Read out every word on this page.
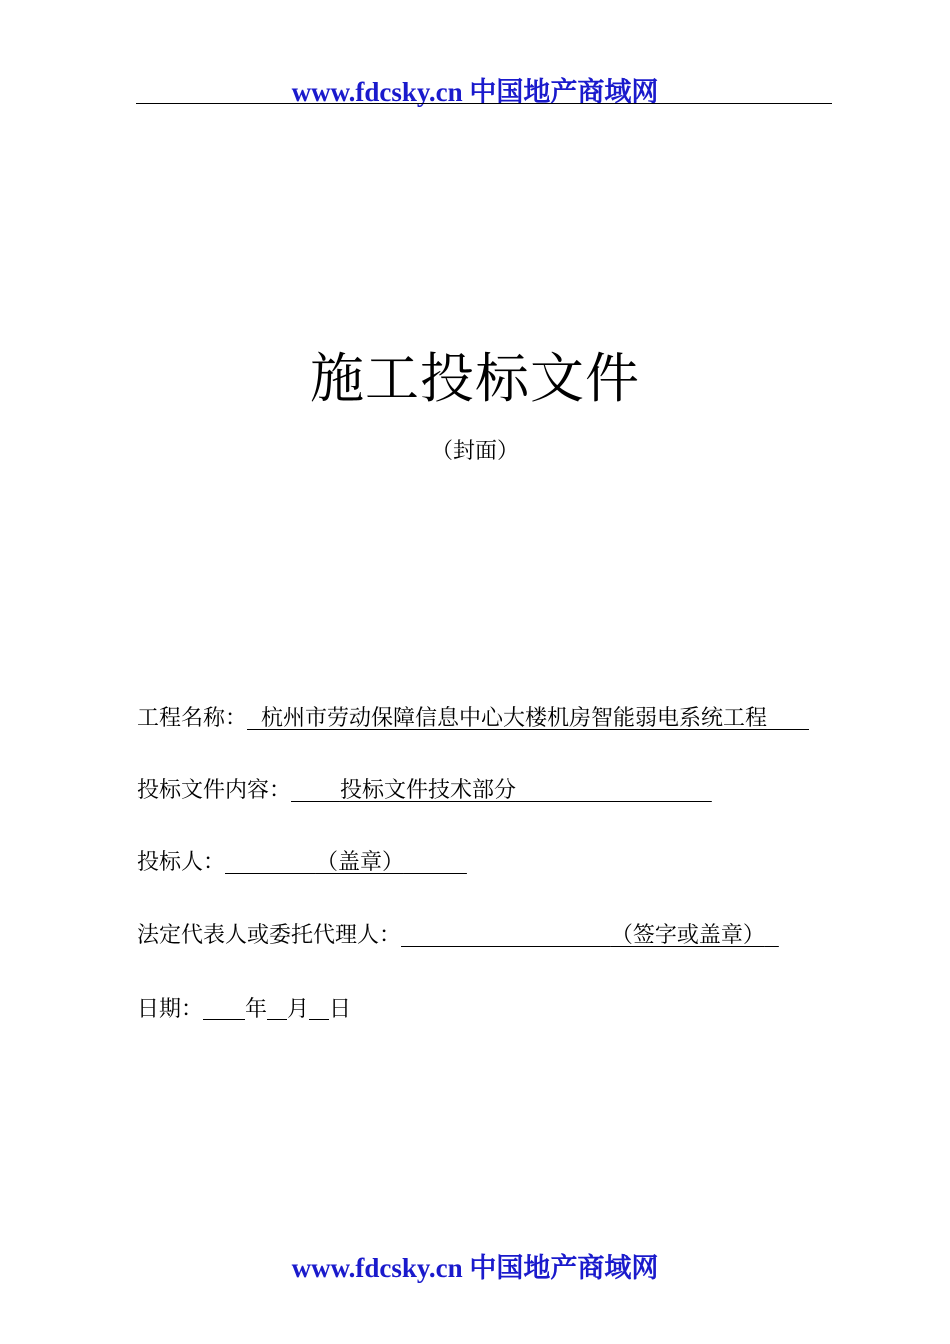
www.fdcsky.cn 中国地产商域网
施工投标文件
（封面）
工程名称： 杭州市劳动保障信息中心大楼机房智能弱电系统工程
投标文件内容： 投标文件技术部分
投标人：	（盖章）
法定代表人或委托代理人：	（签字或盖章）
日期： 年 月 日
www.fdcsky.cn 中国地产商域网
